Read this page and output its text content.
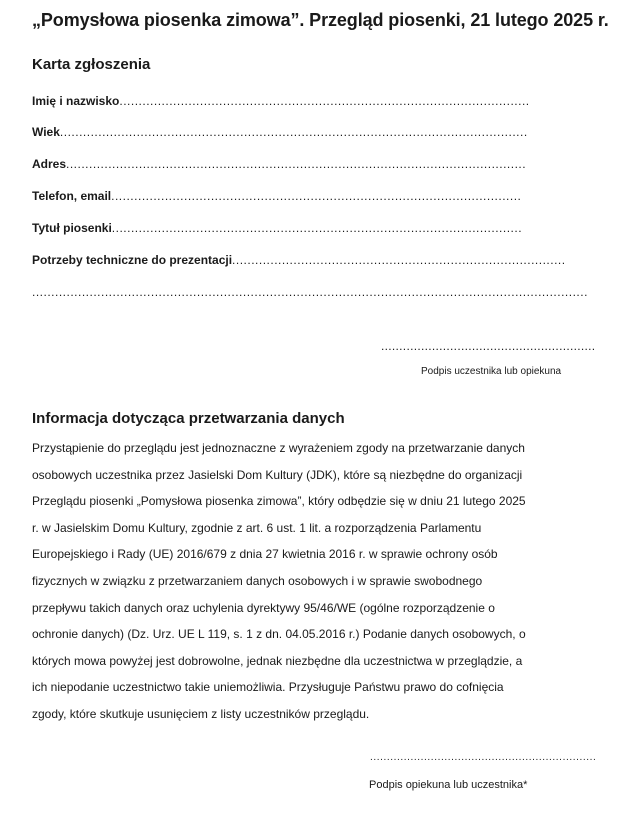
„Pomysłowa piosenka zimowa”. Przegląd piosenki, 21 lutego 2025 r.
Karta zgłoszenia
Imię i nazwisko...........................................................................................................
Wiek..........................................................................................................................
Adres........................................................................................................................
Telefon, email...........................................................................................................
Tytuł piosenki...........................................................................................................
Potrzeby techniczne do prezentacji.......................................................................................
.................................................................................................................................................
...........................................................
Podpis uczestnika lub opiekuna
Informacja dotycząca przetwarzania danych
Przystąpienie do przeglądu jest jednoznaczne z wyrażeniem zgody na przetwarzanie danych
osobowych uczestnika przez Jasielski Dom Kultury (JDK), które są niezbędne do organizacji
Przeglądu piosenki „Pomysłowa piosenka zimowa”, który odbędzie się w dniu 21 lutego 2025
r. w Jasielskim Domu Kultury, zgodnie z art. 6 ust. 1 lit. a rozporządzenia Parlamentu
Europejskiego i Rady (UE) 2016/679 z dnia 27 kwietnia 2016 r. w sprawie ochrony osób
fizycznych w związku z przetwarzaniem danych osobowych i w sprawie swobodnego
przepływu takich danych oraz uchylenia dyrektywy 95/46/WE (ogólne rozporządzenie o
ochronie danych) (Dz. Urz. UE L 119, s. 1 z dn. 04.05.2016 r.) Podanie danych osobowych, o
których mowa powyżej jest dobrowolne, jednak niezbędne dla uczestnictwa w przeglądzie, a
ich niepodanie uczestnictwo takie uniemożliwia. Przysługuje Państwu prawo do cofnięcia
zgody, które skutkuje usunięciem z listy uczestników przeglądu.
...................................................................
Podpis opiekuna lub uczestnika*
